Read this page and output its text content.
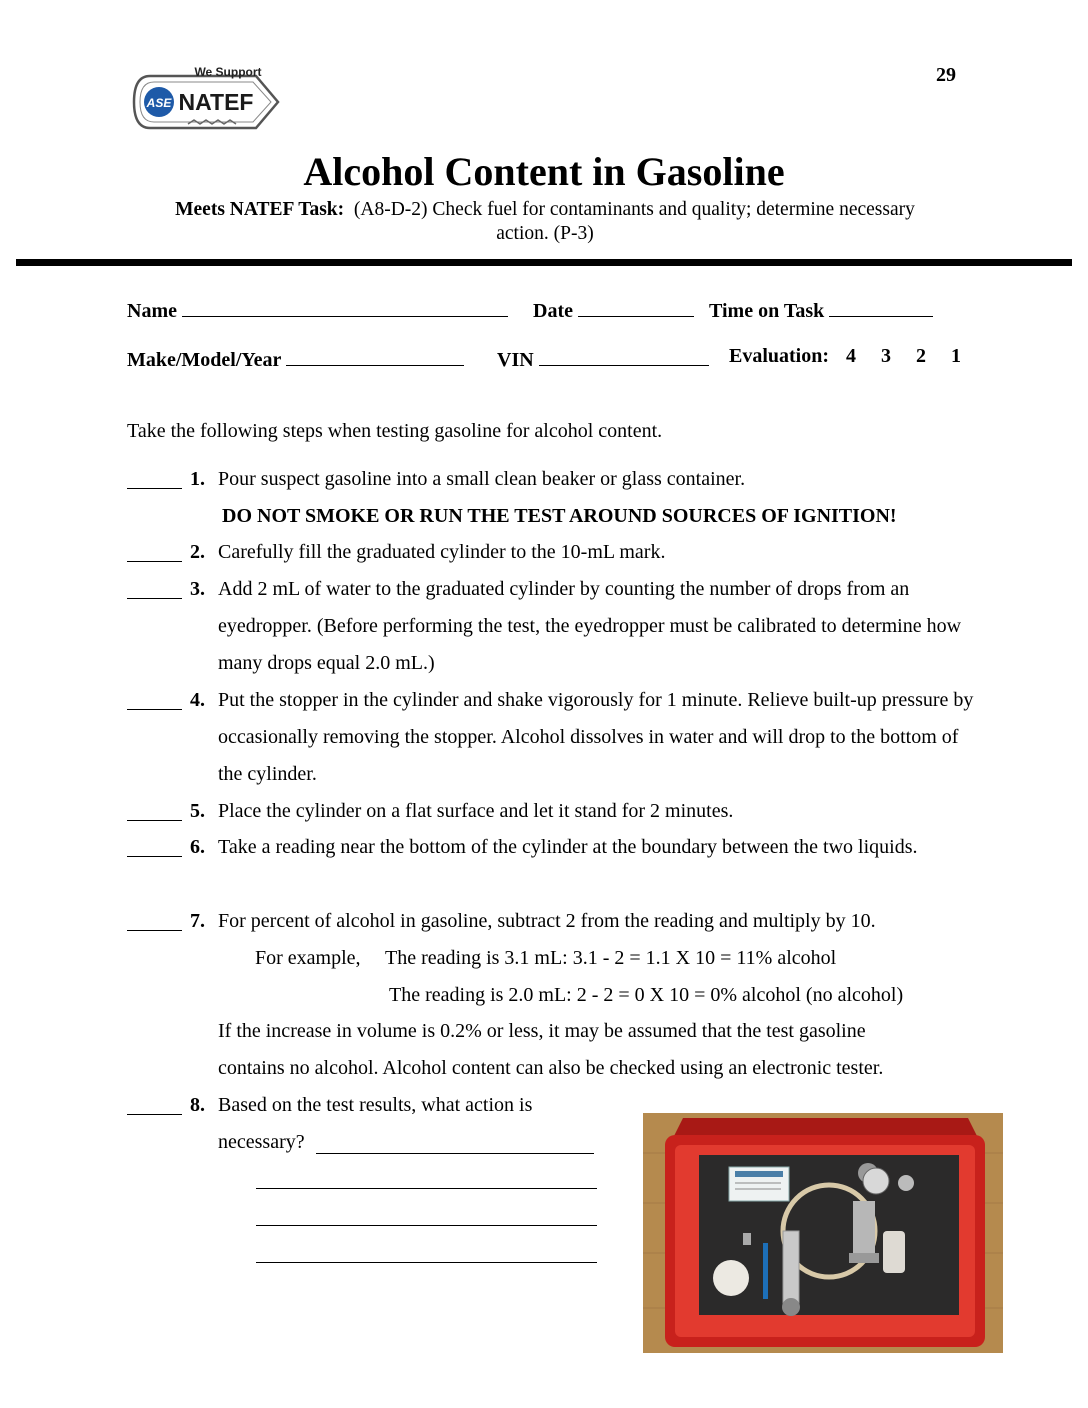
29
ASE
We Support
NATEF
Alcohol Content in Gasoline
Meets NATEF Task: (A8-D-2) Check fuel for contaminants and quality; determine necessary
action. (P-3)
Name	Date	Time on Task
Make/Model/Year	VIN	Evaluation: 4 3 2 1
Take the following steps when testing gasoline for alcohol content.
1. Pour suspect gasoline into a small clean beaker or glass container.
DO NOT SMOKE OR RUN THE TEST AROUND SOURCES OF IGNITION!
2. Carefully fill the graduated cylinder to the 10-mL mark.
3. Add 2 mL of water to the graduated cylinder by counting the number of drops from an eyedropper. (Before performing the test, the eyedropper must be calibrated to determine how many drops equal 2.0 mL.)
4. Put the stopper in the cylinder and shake vigorously for 1 minute. Relieve built-up pressure by occasionally removing the stopper. Alcohol dissolves in water and will drop to the bottom of the cylinder.
5. Place the cylinder on a flat surface and let it stand for 2 minutes.
6. Take a reading near the bottom of the cylinder at the boundary between the two liquids.
7. For percent of alcohol in gasoline, subtract 2 from the reading and multiply by 10.
For example, The reading is 3.1 mL: 3.1 - 2 = 1.1 X 10 = 11% alcohol
The reading is 2.0 mL: 2 - 2 = 0 X 10 = 0% alcohol (no alcohol)
If the increase in volume is 0.2% or less, it may be assumed that the test gasoline
contains no alcohol. Alcohol content can also be checked using an electronic tester.
8. Based on the test results, what action is
necessary?
